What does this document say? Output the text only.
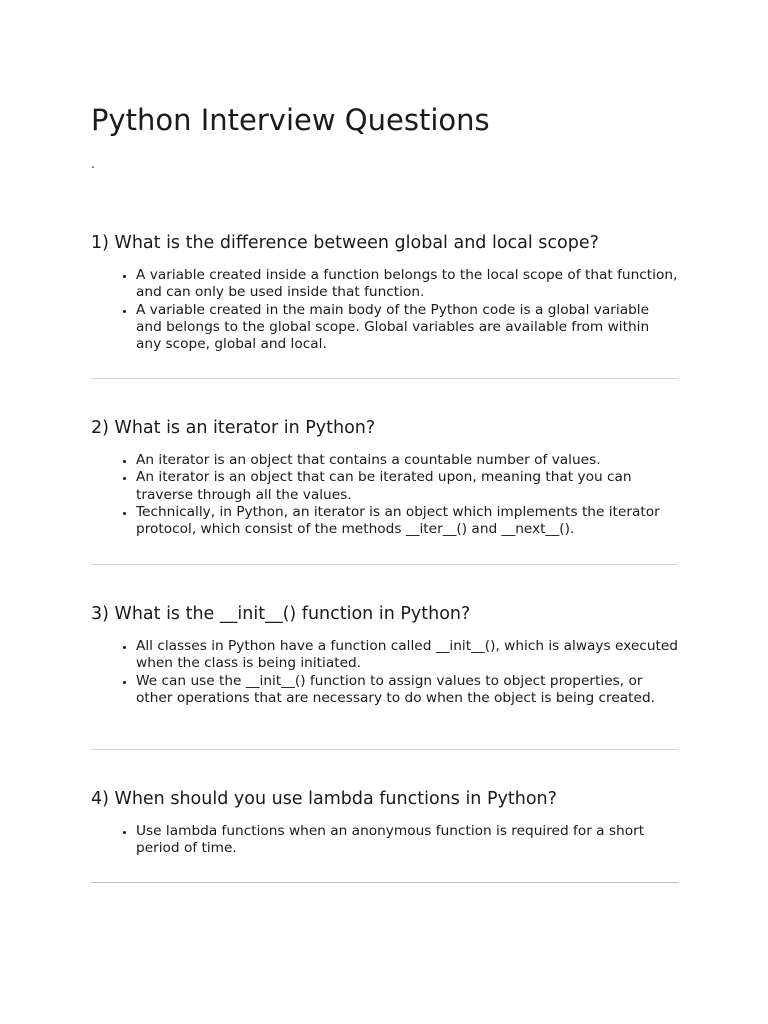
Python Interview Questions
.
1) What is the difference between global and local scope?
• A variable created inside a function belongs to the local scope of that function, and can only be used inside that function.
• A variable created in the main body of the Python code is a global variable and belongs to the global scope. Global variables are available from within any scope, global and local.
2) What is an iterator in Python?
• An iterator is an object that contains a countable number of values.
• An iterator is an object that can be iterated upon, meaning that you can traverse through all the values.
• Technically, in Python, an iterator is an object which implements the iterator protocol, which consist of the methods __iter__() and __next__().
3) What is the __init__() function in Python?
• All classes in Python have a function called __init__(), which is always executed when the class is being initiated.
• We can use the __init__() function to assign values to object properties, or other operations that are necessary to do when the object is being created.
4) When should you use lambda functions in Python?
• Use lambda functions when an anonymous function is required for a short period of time.
